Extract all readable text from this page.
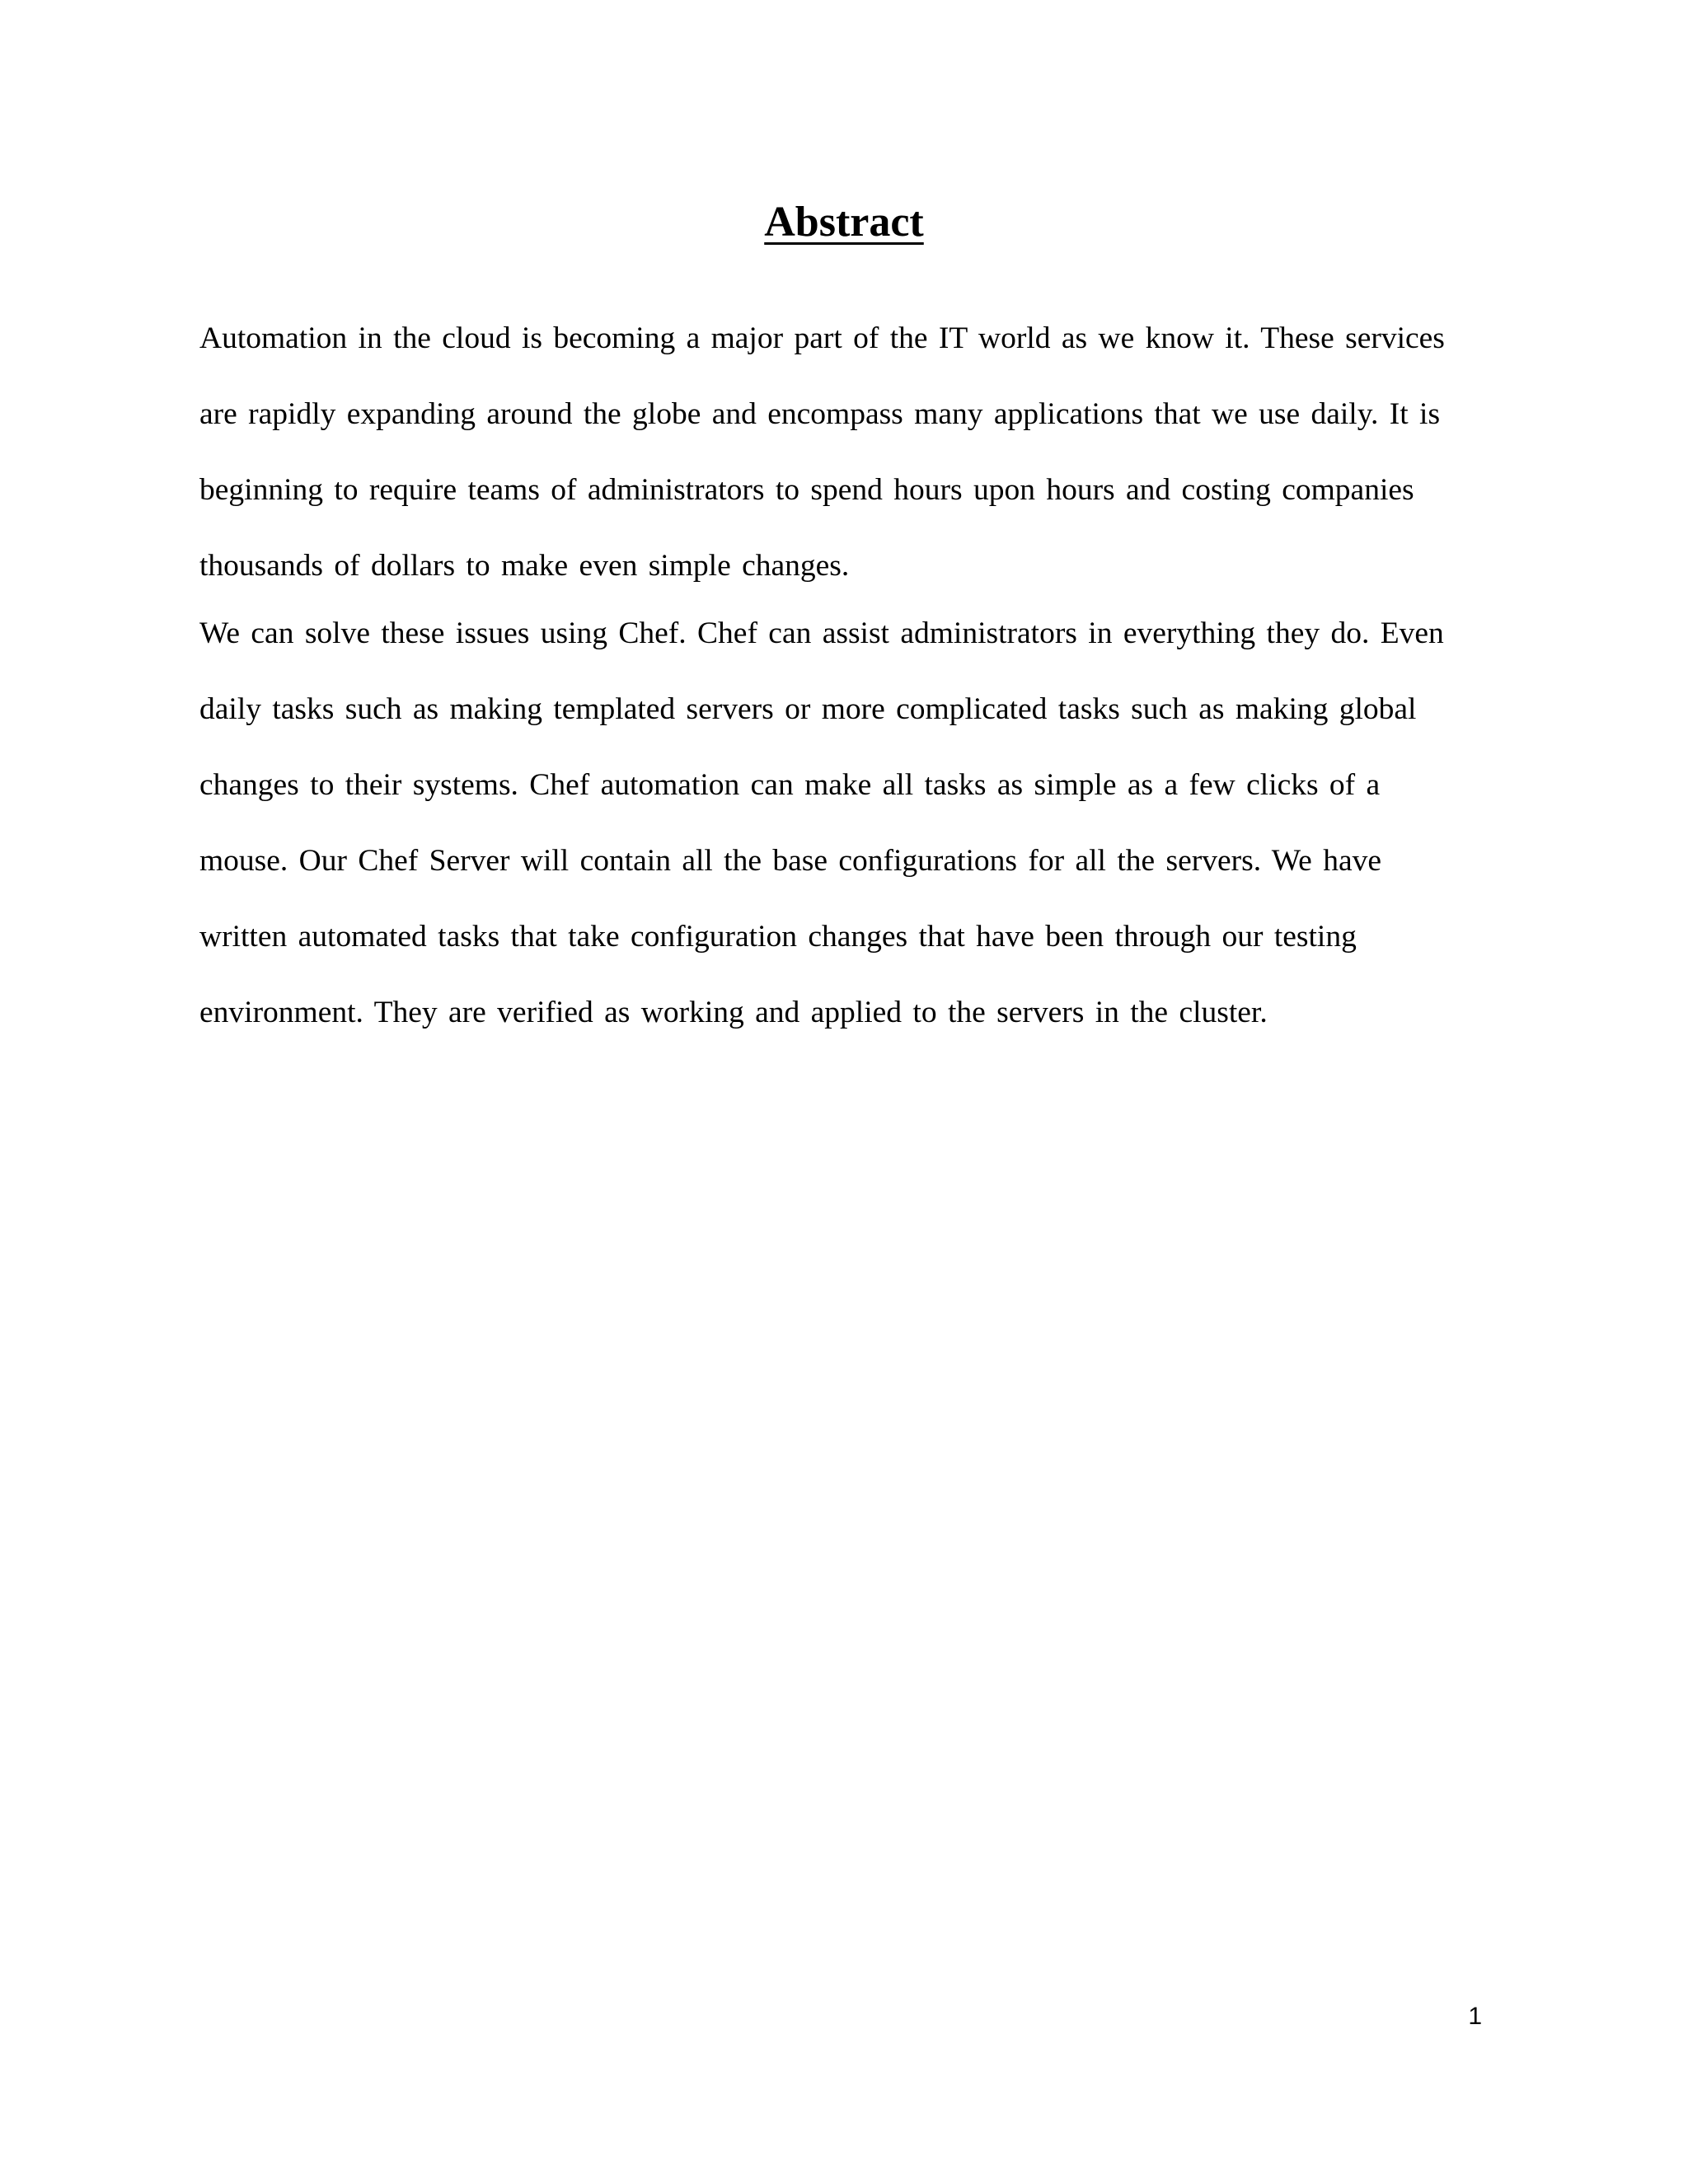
Abstract
Automation in the cloud is becoming a major part of the IT world as we know it. These services
are rapidly expanding around the globe and encompass many applications that we use daily. It is
beginning to require teams of administrators to spend hours upon hours and costing companies
thousands of dollars to make even simple changes.
We can solve these issues using Chef. Chef can assist administrators in everything they do. Even
daily tasks such as making templated servers or more complicated tasks such as making global
changes to their systems. Chef automation can make all tasks as simple as a few clicks of a
mouse. Our Chef Server will contain all the base configurations for all the servers. We have
written automated tasks that take configuration changes that have been through our testing
environment. They are verified as working and applied to the servers in the cluster.
1
